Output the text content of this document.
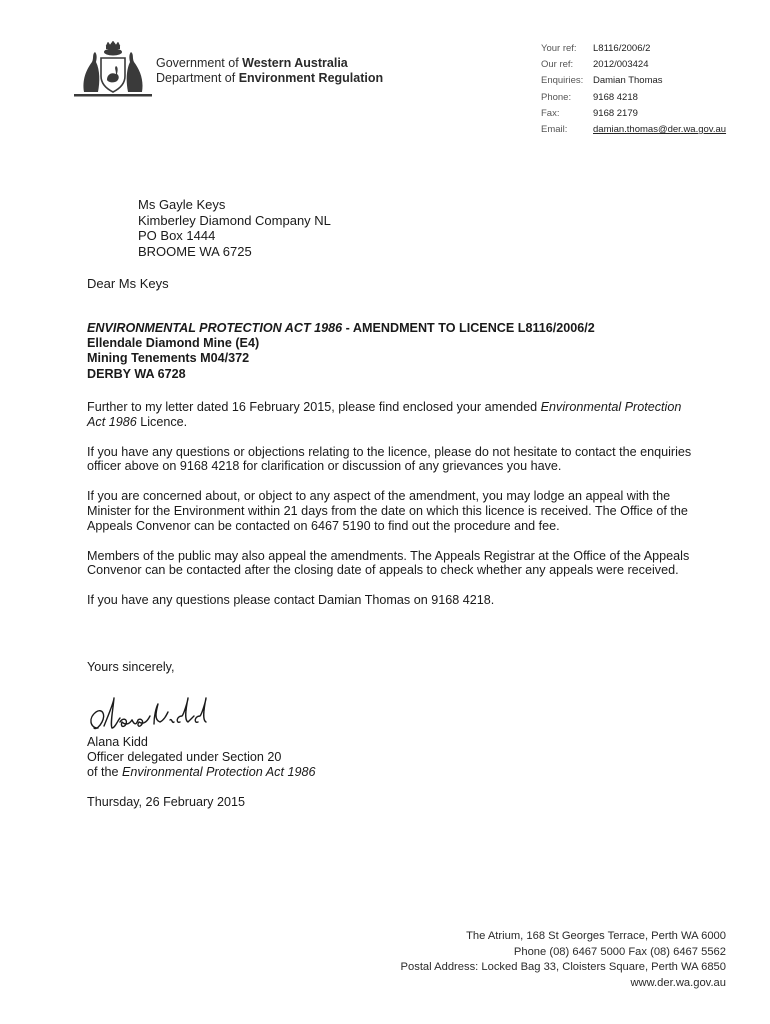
Government of Western Australia
Department of Environment Regulation
Your ref:	L8116/2006/2
Our ref:	2012/003424
Enquiries:	Damian Thomas
Phone:	9168 4218
Fax:	9168 2179
Email:	damian.thomas@der.wa.gov.au
Ms Gayle Keys
Kimberley Diamond Company NL
PO Box 1444
BROOME WA 6725
Dear Ms Keys
ENVIRONMENTAL PROTECTION ACT 1986 - AMENDMENT TO LICENCE L8116/2006/2
Ellendale Diamond Mine (E4)
Mining Tenements M04/372
DERBY WA 6728

Further to my letter dated 16 February 2015, please find enclosed your amended Environmental Protection Act 1986 Licence.

If you have any questions or objections relating to the licence, please do not hesitate to contact the enquiries officer above on 9168 4218 for clarification or discussion of any grievances you have.

If you are concerned about, or object to any aspect of the amendment, you may lodge an appeal with the Minister for the Environment within 21 days from the date on which this licence is received. The Office of the Appeals Convenor can be contacted on 6467 5190 to find out the procedure and fee.

Members of the public may also appeal the amendments. The Appeals Registrar at the Office of the Appeals Convenor can be contacted after the closing date of appeals to check whether any appeals were received.

If you have any questions please contact Damian Thomas on 9168 4218.

Yours sincerely,
Alana Kidd
Officer delegated under Section 20
of the Environmental Protection Act 1986
Thursday, 26 February 2015
The Atrium, 168 St Georges Terrace, Perth WA 6000
Phone (08) 6467 5000 Fax (08) 6467 5562
Postal Address: Locked Bag 33, Cloisters Square, Perth WA 6850
www.der.wa.gov.au
